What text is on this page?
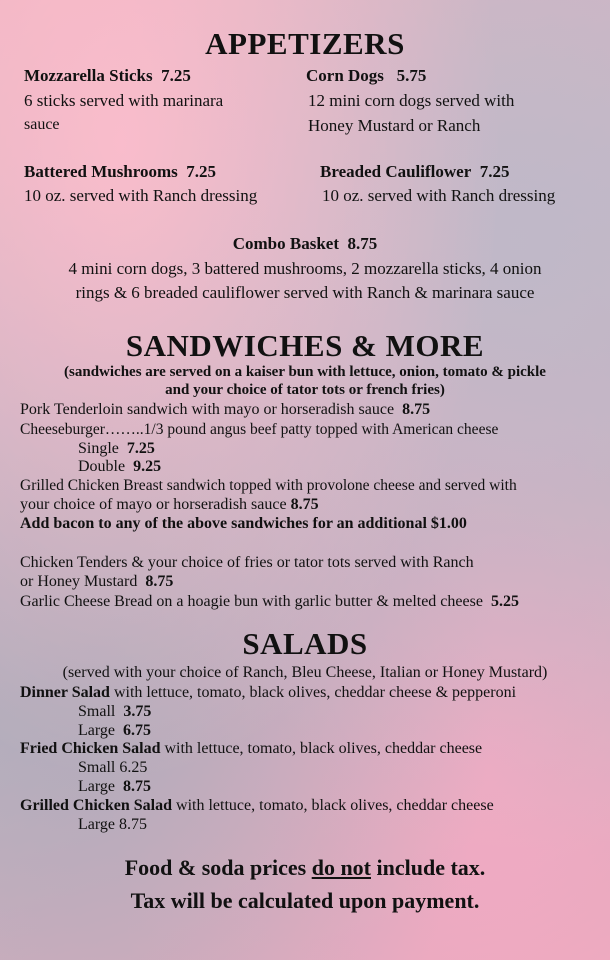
APPETIZERS
Mozzarella Sticks 7.25
6 sticks served with marinara
sauce
Corn Dogs 5.75
12 mini corn dogs served with
Honey Mustard or Ranch
Battered Mushrooms 7.25
10 oz. served with Ranch dressing
Breaded Cauliflower 7.25
10 oz. served with Ranch dressing
Combo Basket 8.75
4 mini corn dogs, 3 battered mushrooms, 2 mozzarella sticks, 4 onion
rings & 6 breaded cauliflower served with Ranch & marinara sauce
SANDWICHES & MORE
(sandwiches are served on a kaiser bun with lettuce, onion, tomato & pickle
and your choice of tator tots or french fries)
Pork Tenderloin sandwich with mayo or horseradish sauce 8.75
Cheeseburger……..1/3 pound angus beef patty topped with American cheese
Single 7.25
Double 9.25
Grilled Chicken Breast sandwich topped with provolone cheese and served with
your choice of mayo or horseradish sauce 8.75
Add bacon to any of the above sandwiches for an additional $1.00
Chicken Tenders & your choice of fries or tator tots served with Ranch
or Honey Mustard 8.75
Garlic Cheese Bread on a hoagie bun with garlic butter & melted cheese 5.25
SALADS
(served with your choice of Ranch, Bleu Cheese, Italian or Honey Mustard)
Dinner Salad with lettuce, tomato, black olives, cheddar cheese & pepperoni
Small 3.75
Large 6.75
Fried Chicken Salad with lettuce, tomato, black olives, cheddar cheese
Small 6.25
Large 8.75
Grilled Chicken Salad with lettuce, tomato, black olives, cheddar cheese
Large 8.75
Food & soda prices do not include tax.
Tax will be calculated upon payment.
